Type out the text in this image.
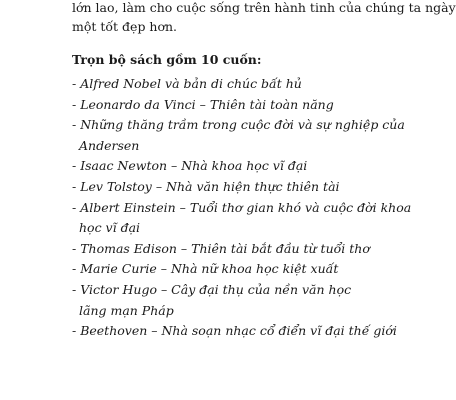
lớn lao, làm cho cuộc sống trên hành tinh của chúng ta ngày
một tốt đẹp hơn.

Trọn bộ sách gồm 10 cuốn:

- Alfred Nobel và bản di chúc bất hủ
- Leonardo da Vinci – Thiên tài toàn năng
- Những thăng trầm trong cuộc đời và sự nghiệp của
Andersen
- Isaac Newton – Nhà khoa học vĩ đại
- Lev Tolstoy – Nhà văn hiện thực thiên tài
- Albert Einstein – Tuổi thơ gian khó và cuộc đời khoa
học vĩ đại
- Thomas Edison – Thiên tài bắt đầu từ tuổi thơ
- Marie Curie – Nhà nữ khoa học kiệt xuất
- Victor Hugo – Cây đại thụ của nền văn học
lãng mạn Pháp
- Beethoven – Nhà soạn nhạc cổ điển vĩ đại thế giới
